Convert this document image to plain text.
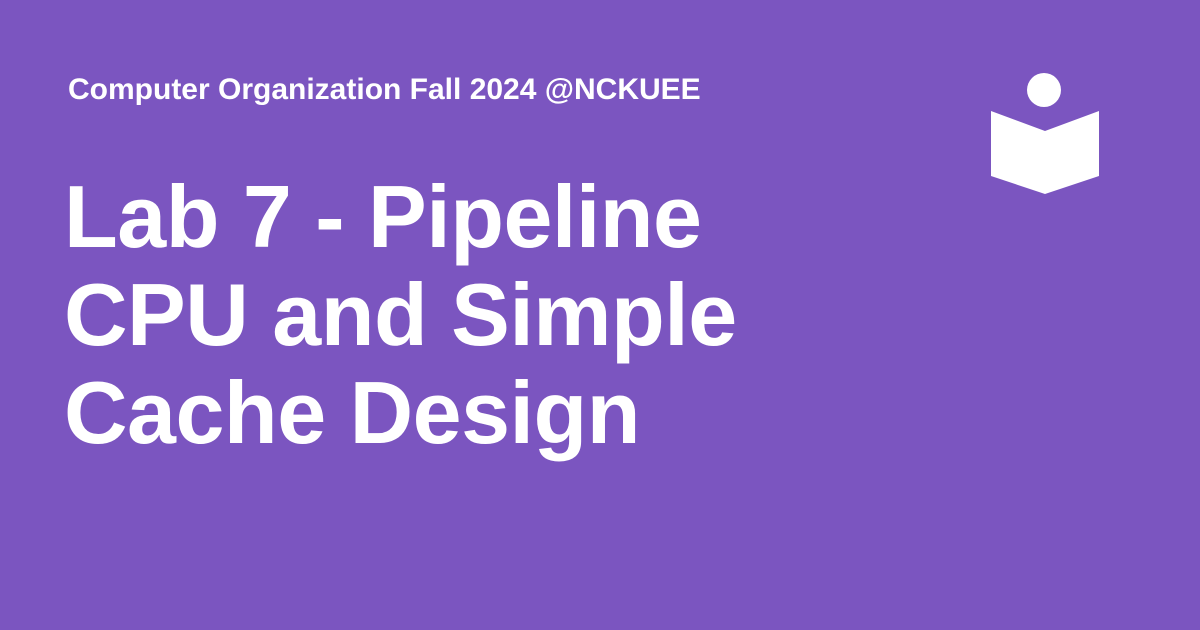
Computer Organization Fall 2024 @NCKUEE

Lab 7 - Pipeline
CPU and Simple
Cache Design
